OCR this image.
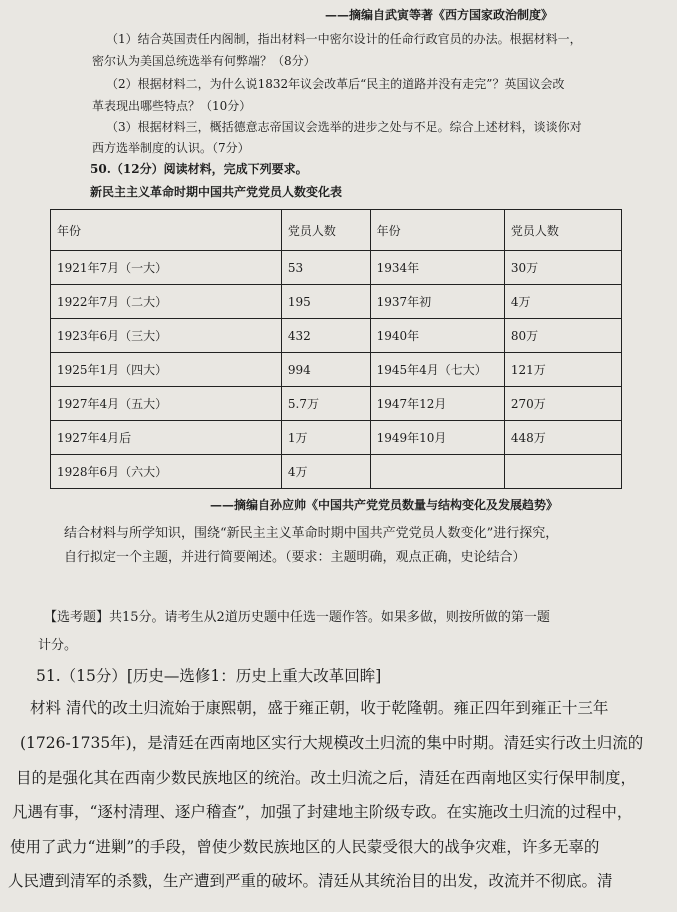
——摘编自武寅等著《西方国家政治制度》
（1）结合英国责任内阁制，指出材料一中密尔设计的任命行政官员的办法。根据材料一，
密尔认为美国总统选举有何弊端？（8分）
（2）根据材料二，为什么说1832年议会改革后“民主的道路并没有走完”？英国议会改
革表现出哪些特点？（10分）
（3）根据材料三，概括德意志帝国议会选举的进步之处与不足。综合上述材料，谈谈你对
西方选举制度的认识。（7分）
50.（12分）阅读材料，完成下列要求。
新民主主义革命时期中国共产党党员人数变化表
年份	党员人数	年份	党员人数
1921年7月（一大）	53	1934年	30万
1922年7月（二大）	195	1937年初	4万
1923年6月（三大）	432	1940年	80万
1925年1月（四大）	994	1945年4月（七大）	121万
1927年4月（五大）	5.7万	1947年12月	270万
1927年4月后	1万	1949年10月	448万
1928年6月（六大）	4万		
——摘编自孙应帅《中国共产党党员数量与结构变化及发展趋势》
结合材料与所学知识，围绕“新民主主义革命时期中国共产党党员人数变化”进行探究，
自行拟定一个主题，并进行简要阐述。（要求：主题明确，观点正确，史论结合）
【选考题】共15分。请考生从2道历史题中任选一题作答。如果多做，则按所做的第一题
计分。
51.（15分）[历史—选修1：历史上重大改革回眸]
材料 清代的改土归流始于康熙朝，盛于雍正朝，收于乾隆朝。雍正四年到雍正十三年
(1726-1735年)，是清廷在西南地区实行大规模改土归流的集中时期。清廷实行改土归流的
目的是强化其在西南少数民族地区的统治。改土归流之后，清廷在西南地区实行保甲制度，
凡遇有事，“逐村清理、逐户稽查”，加强了封建地主阶级专政。在实施改土归流的过程中，
使用了武力“进剿”的手段，曾使少数民族地区的人民蒙受很大的战争灾难，许多无辜的
人民遭到清军的杀戮，生产遭到严重的破坏。清廷从其统治目的出发，改流并不彻底。清
